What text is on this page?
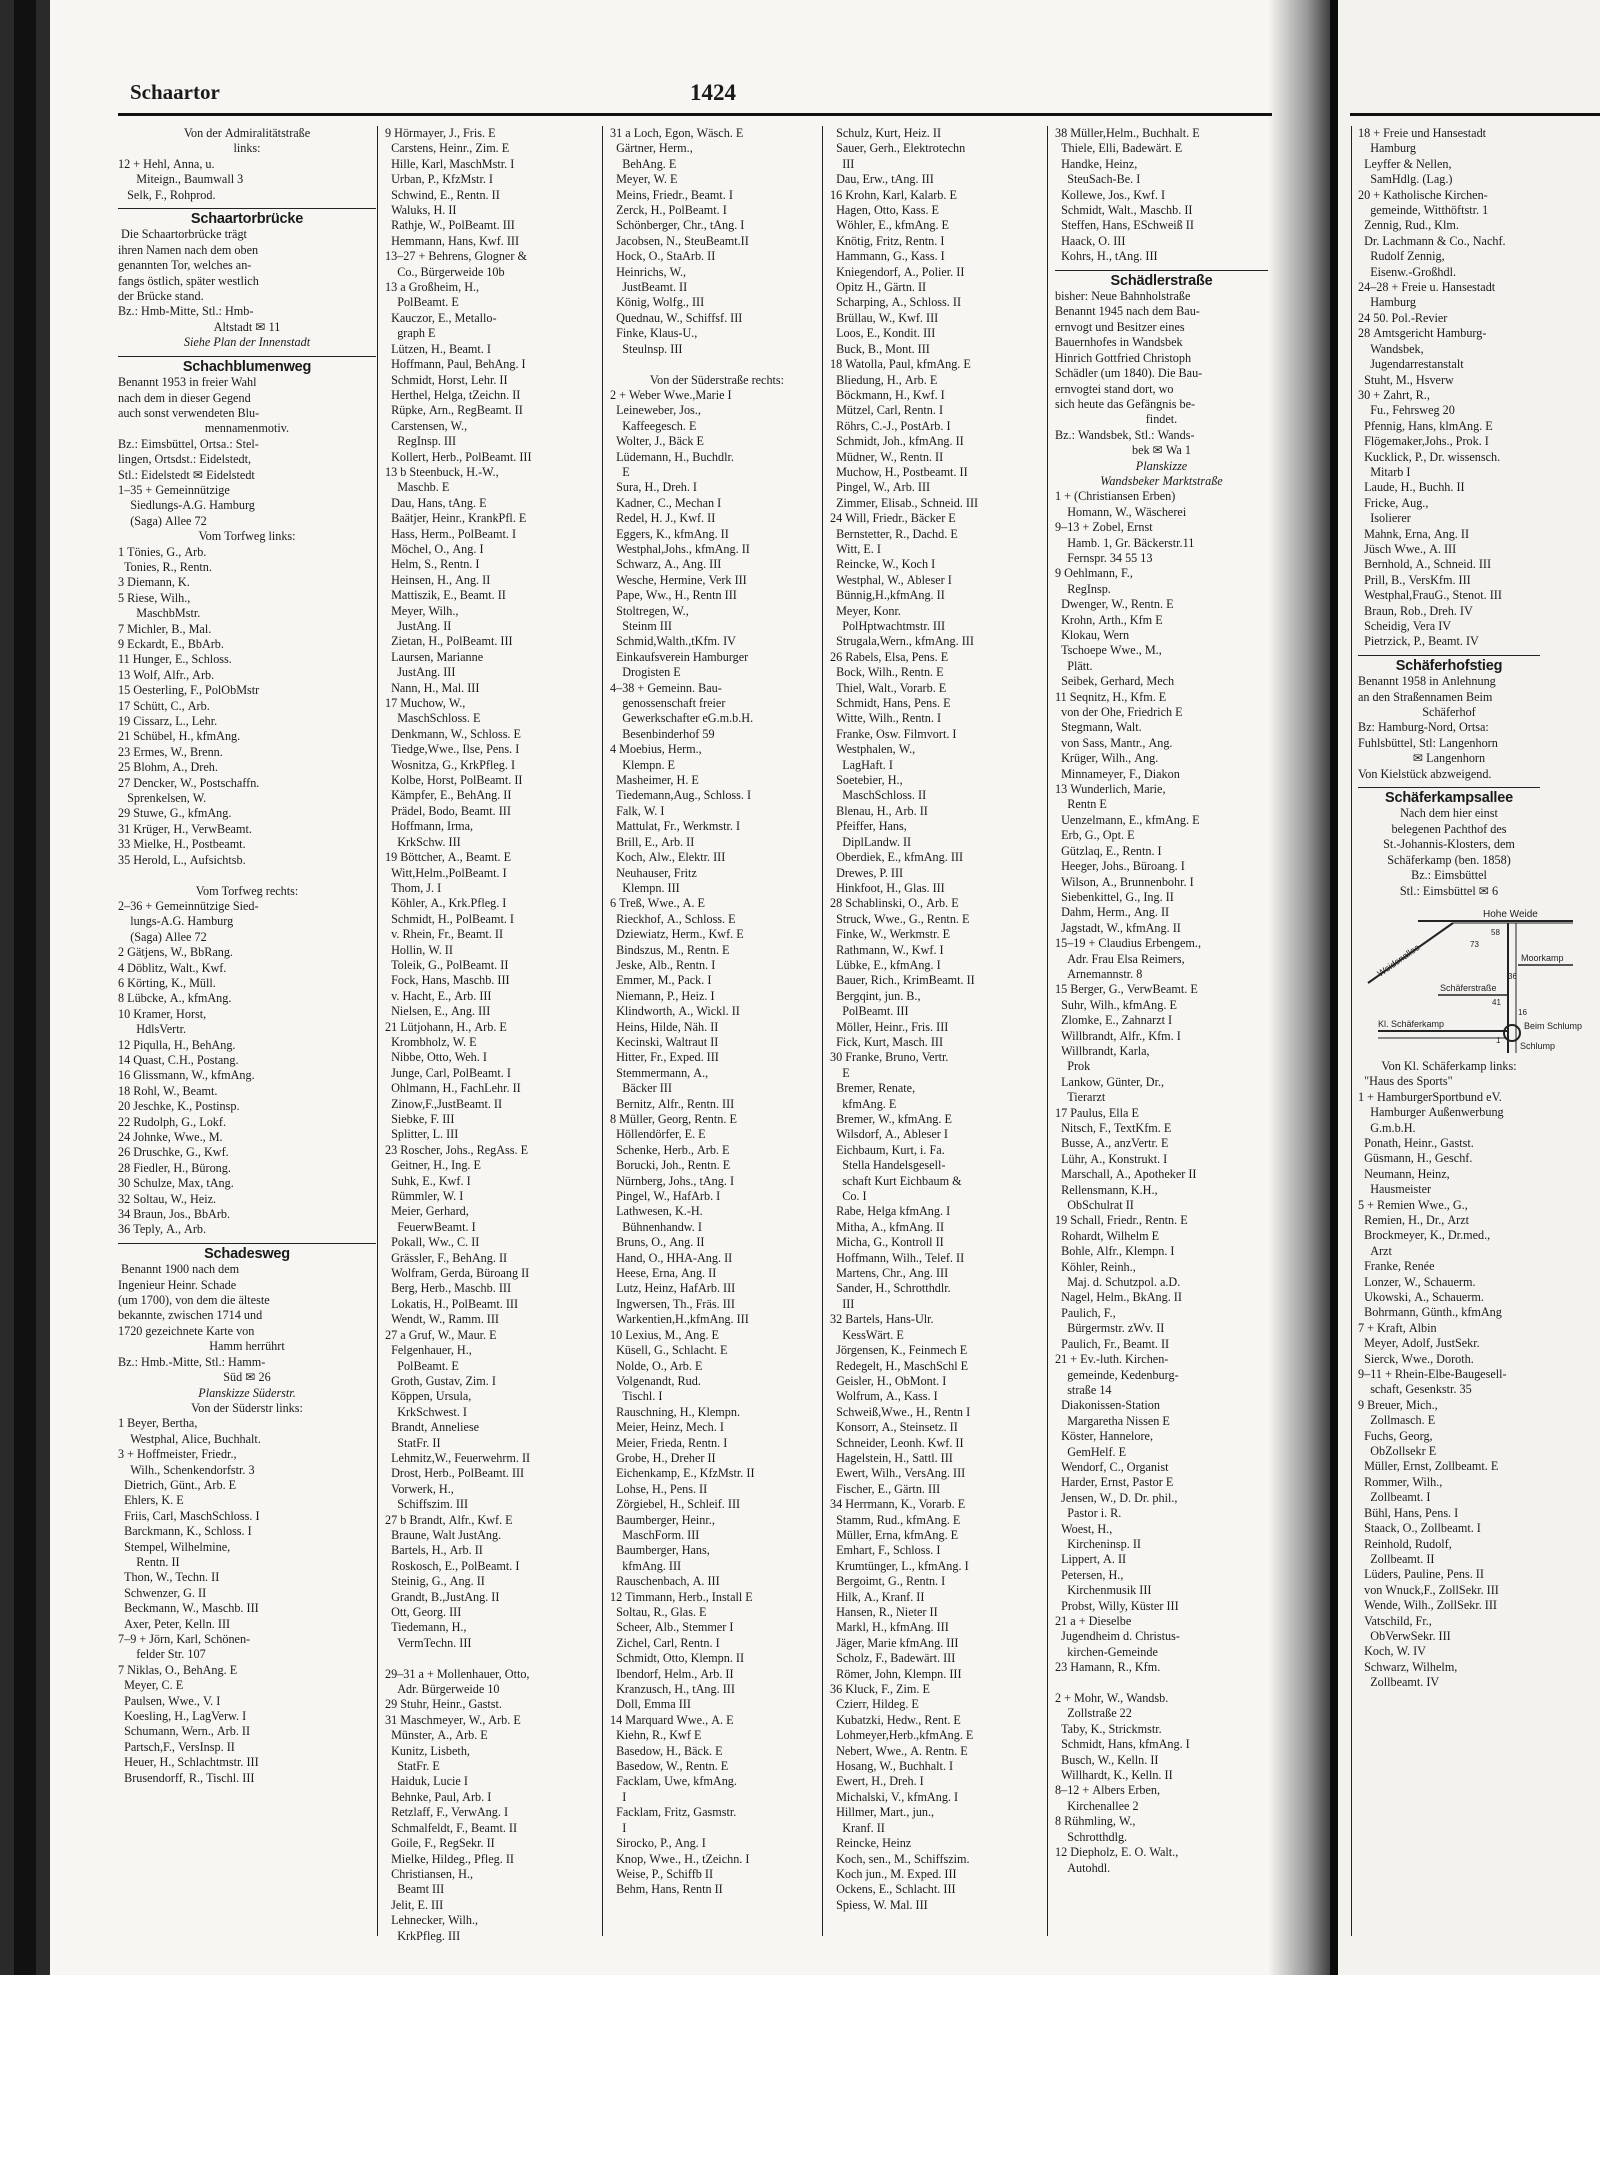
Schaartor	1424
Von der Admiralitätstraße
links:
12 + Hehl, Anna, u.
Miteign., Baumwall 3
Selk, F., Rohprod.
Schaartorbrücke
Die Schaartorbrücke trägt
ihren Namen nach dem oben
genannten Tor, welches an-
fangs östlich, später westlich
der Brücke stand.
Bz.: Hmb-Mitte, Stl.: Hmb-
Altstadt ✉ 11
Siehe Plan der Innenstadt
Schachblumenweg
Benannt 1953 in freier Wahl
nach dem in dieser Gegend
auch sonst verwendeten Blu-
mennamenmotiv.
Bz.: Eimsbüttel, Ortsa.: Stel-
lingen, Ortsdst.: Eidelstedt,
Stl.: Eidelstedt ✉ Eidelstedt
1–35 + Gemeinnützige
Siedlungs-A.G. Hamburg
(Saga) Allee 72
Vom Torfweg links:
1 Tönies, G., Arb.
Tonies, R., Rentn.
3 Diemann, K.
5 Riese, Wilh.,
MaschbMstr.
7 Michler, B., Mal.
9 Eckardt, E., BbArb.
11 Hunger, E., Schloss.
13 Wolf, Alfr., Arb.
15 Oesterling, F., PolObMstr
17 Schütt, C., Arb.
19 Cissarz, L., Lehr.
21 Schübel, H., kfmAng.
23 Ermes, W., Brenn.
25 Blohm, A., Dreh.
27 Dencker, W., Postschaffn.
Sprenkelsen, W.
29 Stuwe, G., kfmAng.
31 Krüger, H., VerwBeamt.
33 Mielke, H., Postbeamt.
35 Herold, L., Aufsichtsb.

Vom Torfweg rechts:
2–36 + Gemeinnützige Sied-
lungs-A.G. Hamburg
(Saga) Allee 72
2 Gätjens, W., BbRang.
4 Döblitz, Walt., Kwf.
6 Körting, K., Müll.
8 Lübcke, A., kfmAng.
10 Kramer, Horst,
HdlsVertr.
12 Piqulla, H., BehAng.
14 Quast, C.H., Postang.
16 Glissmann, W., kfmAng.
18 Rohl, W., Beamt.
20 Jeschke, K., Postinsp.
22 Rudolph, G., Lokf.
24 Johnke, Wwe., M.
26 Druschke, G., Kwf.
28 Fiedler, H., Bürong.
30 Schulze, Max, tAng.
32 Soltau, W., Heiz.
34 Braun, Jos., BbArb.
36 Teply, A., Arb.
Schadesweg
Benannt 1900 nach dem
Ingenieur Heinr. Schade
(um 1700), von dem die älteste
bekannte, zwischen 1714 und
1720 gezeichnete Karte von
Hamm herrührt
Bz.: Hmb.-Mitte, Stl.: Hamm-
Süd ✉ 26
Planskizze Süderstr.
Von der Süderstr links:
1 Beyer, Bertha,
Westphal, Alice, Buchhalt.
3 + Hoffmeister, Friedr.,
Wilh., Schenkendorfstr. 3
Dietrich, Günt., Arb. E
Ehlers, K. E
Friis, Carl, MaschSchloss. I
Barckmann, K., Schloss. I
Stempel, Wilhelmine,
Rentn. II
Thon, W., Techn. II
Schwenzer, G. II
Beckmann, W., Maschb. III
Axer, Peter, Kelln. III
7–9 + Jörn, Karl, Schönen-
felder Str. 107
7 Niklas, O., BehAng. E
Meyer, C. E
Paulsen, Wwe., V. I
Koesling, H., LagVerw. I
Schumann, Wern., Arb. II
Partsch,F., VersInsp. II
Heuer, H., Schlachtmstr. III
Brusendorff, R., Tischl. III
9 Hörmayer, J., Fris. E
Carstens, Heinr., Zim. E
Hille, Karl, MaschMstr. I
Urban, P., KfzMstr. I
Schwind, E., Rentn. II
Waluks, H. II
Rathje, W., PolBeamt. III
Hemmann, Hans, Kwf. III
13–27 + Behrens, Glogner &
Co., Bürgerweide 10b
13 a Großheim, H.,
PolBeamt. E
Kauczor, E., Metallo-
graph E
Lützen, H., Beamt. I
Hoffmann, Paul, BehAng. I
Schmidt, Horst, Lehr. II
Herthel, Helga, tZeichn. II
Rüpke, Arn., RegBeamt. II
Carstensen, W.,
RegInsp. III
Kollert, Herb., PolBeamt. III
13 b Steenbuck, H.-W.,
Maschb. E
Dau, Hans, tAng. E
Baätjer, Heinr., KrankPfl. E
Hass, Herm., PolBeamt. I
Möchel, O., Ang. I
Helm, S., Rentn. I
Heinsen, H., Ang. II
Mattiszik, E., Beamt. II
Meyer, Wilh.,
JustAng. II
Zietan, H., PolBeamt. III
Laursen, Marianne
JustAng. III
Nann, H., Mal. III
17 Muchow, W.,
MaschSchloss. E
Denkmann, W., Schloss. E
Tiedge,Wwe., Ilse, Pens. I
Wosnitza, G., KrkPfleg. I
Kolbe, Horst, PolBeamt. II
Kämpfer, E., BehAng. II
Prädel, Bodo, Beamt. III
Hoffmann, Irma,
KrkSchw. III
19 Böttcher, A., Beamt. E
Witt,Helm.,PolBeamt. I
Thom, J. I
Köhler, A., Krk.Pfleg. I
Schmidt, H., PolBeamt. I
v. Rhein, Fr., Beamt. II
Hollin, W. II
Toleik, G., PolBeamt. II
Fock, Hans, Maschb. III
v. Hacht, E., Arb. III
Nielsen, E., Ang. III
21 Lütjohann, H., Arb. E
Krombholz, W. E
Nibbe, Otto, Weh. I
Junge, Carl, PolBeamt. I
Ohlmann, H., FachLehr. II
Zinow,F.,JustBeamt. II
Siebke, F. III
Splitter, L. III
23 Roscher, Johs., RegAss. E
Geitner, H., Ing. E
Suhk, E., Kwf. I
Rümmler, W. I
Meier, Gerhard,
FeuerwBeamt. I
Pokall, Ww., C. II
Grässler, F., BehAng. II
Wolfram, Gerda, Büroang II
Berg, Herb., Maschb. III
Lokatis, H., PolBeamt. III
Wendt, W., Ramm. III
27 a Gruf, W., Maur. E
Felgenhauer, H.,
PolBeamt. E
Groth, Gustav, Zim. I
Köppen, Ursula,
KrkSchwest. I
Brandt, Anneliese
StatFr. II
Lehmitz,W., Feuerwehrm. II
Drost, Herb., PolBeamt. III
Vorwerk, H.,
Schiffszim. III
27 b Brandt, Alfr., Kwf. E
Braune, Walt JustAng.
Bartels, H., Arb. II
Roskosch, E., PolBeamt. I
Steinig, G., Ang. II
Grandt, B.,JustAng. II
Ott, Georg. III
Tiedemann, H.,
VermTechn. III

29–31 a + Mollenhauer, Otto,
Adr. Bürgerweide 10
29 Stuhr, Heinr., Gastst.
31 Maschmeyer, W., Arb. E
Münster, A., Arb. E
Kunitz, Lisbeth,
StatFr. E
Haiduk, Lucie I
Behnke, Paul, Arb. I
Retzlaff, F., VerwAng. I
Schmalfeldt, F., Beamt. II
Goile, F., RegSekr. II
Mielke, Hildeg., Pfleg. II
Christiansen, H.,
Beamt III
Jelit, E. III
Lehnecker, Wilh.,
KrkPfleg. III
31 a Loch, Egon, Wäsch. E
Gärtner, Herm.,
BehAng. E
Meyer, W. E
Meins, Friedr., Beamt. I
Zerck, H., PolBeamt. I
Schönberger, Chr., tAng. I
Jacobsen, N., SteuBeamt.II
Hock, O., StaArb. II
Heinrichs, W.,
JustBeamt. II
König, Wolfg., III
Quednau, W., Schiffsf. III
Finke, Klaus-U.,
Steulnsp. III

Von der Süderstraße rechts:
2 + Weber Wwe.,Marie I
Leineweber, Jos.,
Kaffeegesch. E
Wolter, J., Bäck E
Lüdemann, H., Buchdlr.
E
Sura, H., Dreh. I
Kadner, C., Mechan I
Redel, H. J., Kwf. II
Eggers, K., kfmAng. II
Westphal,Johs., kfmAng. II
Schwarz, A., Ang. III
Wesche, Hermine, Verk III
Pape, Ww., H., Rentn III
Stoltregen, W.,
Steinm III
Schmid,Walth.,tKfm. IV
Einkaufsverein Hamburger
Drogisten E
4–38 + Gemeinn. Bau-
genossenschaft freier
Gewerkschafter eG.m.b.H.
Besenbinderhof 59
4 Moebius, Herm.,
Klempn. E
Masheimer, H. E
Tiedemann,Aug., Schloss. I
Falk, W. I
Mattulat, Fr., Werkmstr. I
Brill, E., Arb. II
Koch, Alw., Elektr. III
Neuhauser, Fritz
Klempn. III
6 Treß, Wwe., A. E
Rieckhof, A., Schloss. E
Dziewiatz, Herm., Kwf. E
Bindszus, M., Rentn. E
Jeske, Alb., Rentn. I
Emmer, M., Pack. I
Niemann, P., Heiz. I
Klindworth, A., Wickl. II
Heins, Hilde, Näh. II
Kecinski, Waltraut II
Hitter, Fr., Exped. III
Stemmermann, A.,
Bäcker III
Bernitz, Alfr., Rentn. III
8 Müller, Georg, Rentn. E
Höllendörfer, E. E
Schenke, Herb., Arb. E
Borucki, Joh., Rentn. E
Nürnberg, Johs., tAng. I
Pingel, W., HafArb. I
Lathwesen, K.-H.
Bühnenhandw. I
Bruns, O., Ang. II
Hand, O., HHA-Ang. II
Heese, Erna, Ang. II
Lutz, Heinz, HafArb. III
Ingwersen, Th., Fräs. III
Warkentien,H.,kfmAng. III
10 Lexius, M., Ang. E
Küsell, G., Schlacht. E
Nolde, O., Arb. E
Volgenandt, Rud.
Tischl. I
Rauschning, H., Klempn.
Meier, Heinz, Mech. I
Meier, Frieda, Rentn. I
Grobe, H., Dreher II
Eichenkamp, E., KfzMstr. II
Lohse, H., Pens. II
Zörgiebel, H., Schleif. III
Baumberger, Heinr.,
MaschForm. III
Baumberger, Hans,
kfmAng. III
Rauschenbach, A. III
12 Timmann, Herb., Install E
Soltau, R., Glas. E
Scheer, Alb., Stemmer I
Zichel, Carl, Rentn. I
Schmidt, Otto, Klempn. II
Ibendorf, Helm., Arb. II
Kranzusch, H., tAng. III
Doll, Emma III
14 Marquard Wwe., A. E
Kiehn, R., Kwf E
Basedow, H., Bäck. E
Basedow, W., Rentn. E
Facklam, Uwe, kfmAng.
I
Facklam, Fritz, Gasmstr.
I
Sirocko, P., Ang. I
Knop, Wwe., H., tZeichn. I
Weise, P., Schiffb II
Behm, Hans, Rentn II
Schulz, Kurt, Heiz. II
Sauer, Gerh., Elektrotechn
III
Dau, Erw., tAng. III
16 Krohn, Karl, Kalarb. E
Hagen, Otto, Kass. E
Wöhler, E., kfmAng. E
Knötig, Fritz, Rentn. I
Hammann, G., Kass. I
Kniegendorf, A., Polier. II
Opitz H., Gärtn. II
Scharping, A., Schloss. II
Brüllau, W., Kwf. III
Loos, E., Kondit. III
Buck, B., Mont. III
18 Watolla, Paul, kfmAng. E
Bliedung, H., Arb. E
Böckmann, H., Kwf. I
Mützel, Carl, Rentn. I
Röhrs, C.-J., PostArb. I
Schmidt, Joh., kfmAng. II
Müdner, W., Rentn. II
Muchow, H., Postbeamt. II
Pingel, W., Arb. III
Zimmer, Elisab., Schneid. III
24 Will, Friedr., Bäcker E
Bernstetter, R., Dachd. E
Witt, E. I
Reincke, W., Koch I
Westphal, W., Ableser I
Bünnig,H.,kfmAng. II
Meyer, Konr.
PolHptwachtmstr. III
Strugala,Wern., kfmAng. III
26 Rabels, Elsa, Pens. E
Bock, Wilh., Rentn. E
Thiel, Walt., Vorarb. E
Schmidt, Hans, Pens. E
Witte, Wilh., Rentn. I
Franke, Osw. Filmvort. I
Westphalen, W.,
LagHaft. I
Soetebier, H.,
MaschSchloss. II
Blenau, H., Arb. II
Pfeiffer, Hans,
DiplLandw. II
Oberdiek, E., kfmAng. III
Drewes, P. III
Hinkfoot, H., Glas. III
28 Schablinski, O., Arb. E
Struck, Wwe., G., Rentn. E
Finke, W., Werkmstr. E
Rathmann, W., Kwf. I
Lübke, E., kfmAng. I
Bauer, Rich., KrimBeamt. II
Bergqint, jun. B.,
PolBeamt. III
Möller, Heinr., Fris. III
Fick, Kurt, Masch. III
30 Franke, Bruno, Vertr.
E
Bremer, Renate,
kfmAng. E
Bremer, W., kfmAng. E
Wilsdorf, A., Ableser I
Eichbaum, Kurt, i. Fa.
Stella Handelsgesell-
schaft Kurt Eichbaum &
Co. I
Rabe, Helga kfmAng. I
Mitha, A., kfmAng. II
Micha, G., Kontroll II
Hoffmann, Wilh., Telef. II
Martens, Chr., Ang. III
Sander, H., Schrotthdlr.
III
32 Bartels, Hans-Ulr.
KessWärt. E
Jörgensen, K., Feinmech E
Redegelt, H., MaschSchl E
Geisler, H., ObMont. I
Wolfrum, A., Kass. I
Schweiß,Wwe., H., Rentn I
Konsorr, A., Steinsetz. II
Schneider, Leonh. Kwf. II
Hagelstein, H., Sattl. III
Ewert, Wilh., VersAng. III
Fischer, E., Gärtn. III
34 Herrmann, K., Vorarb. E
Stamm, Rud., kfmAng. E
Müller, Erna, kfmAng. E
Emhart, F., Schloss. I
Krumtünger, L., kfmAng. I
Bergoimt, G., Rentn. I
Hilk, A., Kranf. II
Hansen, R., Nieter II
Markl, H., kfmAng. III
Jäger, Marie kfmAng. III
Scholz, F., Badewärt. III
Römer, John, Klempn. III
36 Kluck, F., Zim. E
Czierr, Hildeg. E
Kubatzki, Hedw., Rent. E
Lohmeyer,Herb.,kfmAng. E
Nebert, Wwe., A. Rentn. E
Hosang, W., Buchhalt. I
Ewert, H., Dreh. I
Michalski, V., kfmAng. I
Hillmer, Mart., jun.,
Kranf. II
Reincke, Heinz
Koch, sen., M., Schiffszim.
Koch jun., M. Exped. III
Ockens, E., Schlacht. III
Spiess, W. Mal. III
38 Müller,Helm., Buchhalt. E
Thiele, Elli, Badewärt. E
Handke, Heinz,
SteuSach-Be. I
Kollewe, Jos., Kwf. I
Schmidt, Walt., Maschb. II
Steffen, Hans, ESchweiß II
Haack, O. III
Kohrs, H., tAng. III
Schädlerstraße
bisher: Neue Bahnholstraße
Benannt 1945 nach dem Bau-
ernvogt und Besitzer eines
Bauernhofes in Wandsbek
Hinrich Gottfried Christoph
Schädler (um 1840). Die Bau-
ernvogtei stand dort, wo
sich heute das Gefängnis be-
findet.
Bz.: Wandsbek, Stl.: Wands-
bek ✉ Wa 1
Planskizze
Wandsbeker Marktstraße
1 + (Christiansen Erben)
Homann, W., Wäscherei
9–13 + Zobel, Ernst
Hamb. 1, Gr. Bäckerstr.11
Fernspr. 34 55 13
9 Oehlmann, F.,
RegInsp.
Dwenger, W., Rentn. E
Krohn, Arth., Kfm E
Klokau, Wern
Tschoepe Wwe., M.,
Plätt.
Seibek, Gerhard, Mech
11 Seqnitz, H., Kfm. E
von der Ohe, Friedrich E
Stegmann, Walt.
von Sass, Mantr., Ang.
Krüger, Wilh., Ang.
Minnameyer, F., Diakon
13 Wunderlich, Marie,
Rentn E
Uenzelmann, E., kfmAng. E
Erb, G., Opt. E
Gützlaq, E., Rentn. I
Heeger, Johs., Büroang. I
Wilson, A., Brunnenbohr. I
Siebenkittel, G., Ing. II
Dahm, Herm., Ang. II
Jagstadt, W., kfmAng. II
15–19 + Claudius Erbengem.,
Adr. Frau Elsa Reimers,
Arnemannstr. 8
15 Berger, G., VerwBeamt. E
Suhr, Wilh., kfmAng. E
Zlomke, E., Zahnarzt I
Willbrandt, Alfr., Kfm. I
Willbrandt, Karla,
Prok
Lankow, Günter, Dr.,
Tierarzt
17 Paulus, Ella E
Nitsch, F., TextKfm. E
Busse, A., anzVertr. E
Lühr, A., Konstrukt. I
Marschall, A., Apotheker II
Rellensmann, K.H.,
ObSchulrat II
19 Schall, Friedr., Rentn. E
Rohardt, Wilhelm E
Bohle, Alfr., Klempn. I
Köhler, Reinh.,
Maj. d. Schutzpol. a.D.
Nagel, Helm., BkAng. II
Paulich, F.,
Bürgermstr. zWv. II
Paulich, Fr., Beamt. II
21 + Ev.-luth. Kirchen-
gemeinde, Kedenburg-
straße 14
Diakonissen-Station
Margaretha Nissen E
Köster, Hannelore,
GemHelf. E
Wendorf, C., Organist
Harder, Ernst, Pastor E
Jensen, W., D. Dr. phil.,
Pastor i. R.
Woest, H.,
Kircheninsp. II
Lippert, A. II
Petersen, H.,
Kirchenmusik III
Probst, Willy, Küster III
21 a + Dieselbe
Jugendheim d. Christus-
kirchen-Gemeinde
23 Hamann, R., Kfm.

2 + Mohr, W., Wandsb.
Zollstraße 22
Taby, K., Strickmstr.
Schmidt, Hans, kfmAng. I
Busch, W., Kelln. II
Willhardt, K., Kelln. II
8–12 + Albers Erben,
Kirchenallee 2
8 Rühmling, W.,
Schrotthdlg.
12 Diepholz, E. O. Walt.,
Autohdl.
18 + Freie und Hansestadt
Hamburg
Leyffer & Nellen,
SamHdlg. (Lag.)
20 + Katholische Kirchen-
gemeinde, Witthöftstr. 1
Zennig, Rud., Klm.
Dr. Lachmann & Co., Nachf.
Rudolf Zennig,
Eisenw.-Großhdl.
24–28 + Freie u. Hansestadt
Hamburg
24 50. Pol.-Revier
28 Amtsgericht Hamburg-
Wandsbek,
Jugendarrestanstalt
Stuht, M., Hsverw
30 + Zahrt, R.,
Fu., Fehrsweg 20
Pfennig, Hans, klmAng. E
Flögemaker,Johs., Prok. I
Kucklick, P., Dr. wissensch.
Mitarb I
Laude, H., Buchh. II
Fricke, Aug.,
Isolierer
Mahnk, Erna, Ang. II
Jüsch Wwe., A. III
Bernhold, A., Schneid. III
Prill, B., VersKfm. III
Westphal,FrauG., Stenot. III
Braun, Rob., Dreh. IV
Scheidig, Vera IV
Pietrzick, P., Beamt. IV
Schäferhofstieg
Benannt 1958 in Anlehnung
an den Straßennamen Beim
Schäferhof
Bz: Hamburg-Nord, Ortsa:
Fuhlsbüttel, Stl: Langenhorn
✉ Langenhorn
Von Kielstück abzweigend.
Schäferkampsallee
Nach dem hier einst
belegenen Pachthof des
St.-Johannis-Klosters, dem
Schäferkamp (ben. 1858)
Bz.: Eimsbüttel
Stl.: Eimsbüttel ✉ 6
Hohe Weide
Weidenallee	Moorkamp
Schäferstraße
Kl. Schäferkamp	Beim Schlump
Schlump
58
73
36
41
16
1
Von Kl. Schäferkamp links:
"Haus des Sports"
1 + HamburgerSportbund eV.
Hamburger Außenwerbung
G.m.b.H.
Ponath, Heinr., Gastst.
Güsmann, H., Geschf.
Neumann, Heinz,
Hausmeister
5 + Remien Wwe., G.,
Remien, H., Dr., Arzt
Brockmeyer, K., Dr.med.,
Arzt
Franke, Renée
Lonzer, W., Schauerm.
Ukowski, A., Schauerm.
Bohrmann, Günth., kfmAng
7 + Kraft, Albin
Meyer, Adolf, JustSekr.
Sierck, Wwe., Doroth.
9–11 + Rhein-Elbe-Baugesell-
schaft, Gesenkstr. 35
9 Breuer, Mich.,
Zollmasch. E
Fuchs, Georg,
ObZollsekr E
Müller, Ernst, Zollbeamt. E
Rommer, Wilh.,
Zollbeamt. I
Bühl, Hans, Pens. I
Staack, O., Zollbeamt. I
Reinhold, Rudolf,
Zollbeamt. II
Lüders, Pauline, Pens. II
von Wnuck,F., ZollSekr. III
Wende, Wilh., ZollSekr. III
Vatschild, Fr.,
ObVerwSekr. III
Koch, W. IV
Schwarz, Wilhelm,
Zollbeamt. IV
